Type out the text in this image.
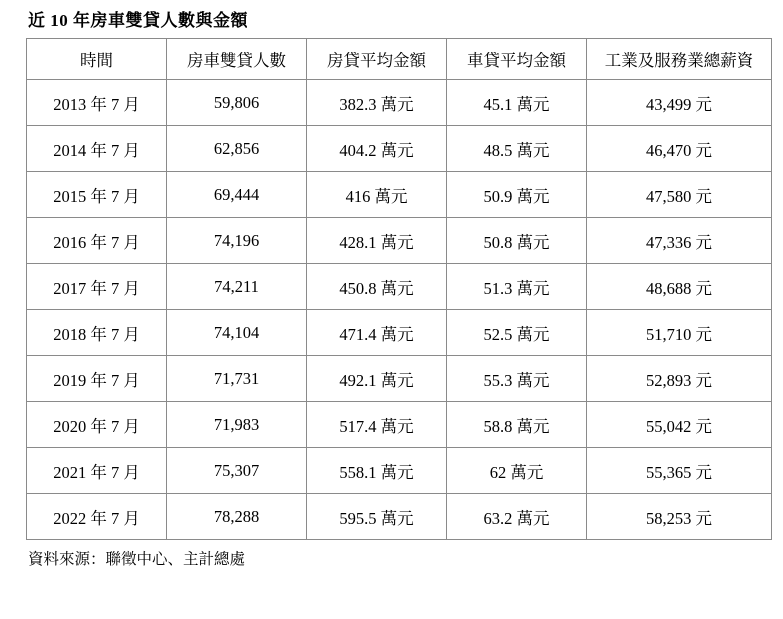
近 10 年房車雙貸人數與金額
時間	房車雙貸人數	房貸平均金額	車貸平均金額	工業及服務業總薪資
2013 年 7 月	59,806	382.3 萬元	45.1 萬元	43,499 元
2014 年 7 月	62,856	404.2 萬元	48.5 萬元	46,470 元
2015 年 7 月	69,444	416 萬元	50.9 萬元	47,580 元
2016 年 7 月	74,196	428.1 萬元	50.8 萬元	47,336 元
2017 年 7 月	74,211	450.8 萬元	51.3 萬元	48,688 元
2018 年 7 月	74,104	471.4 萬元	52.5 萬元	51,710 元
2019 年 7 月	71,731	492.1 萬元	55.3 萬元	52,893 元
2020 年 7 月	71,983	517.4 萬元	58.8 萬元	55,042 元
2021 年 7 月	75,307	558.1 萬元	62 萬元	55,365 元
2022 年 7 月	78,288	595.5 萬元	63.2 萬元	58,253 元
資料來源：聯徵中心、主計總處
